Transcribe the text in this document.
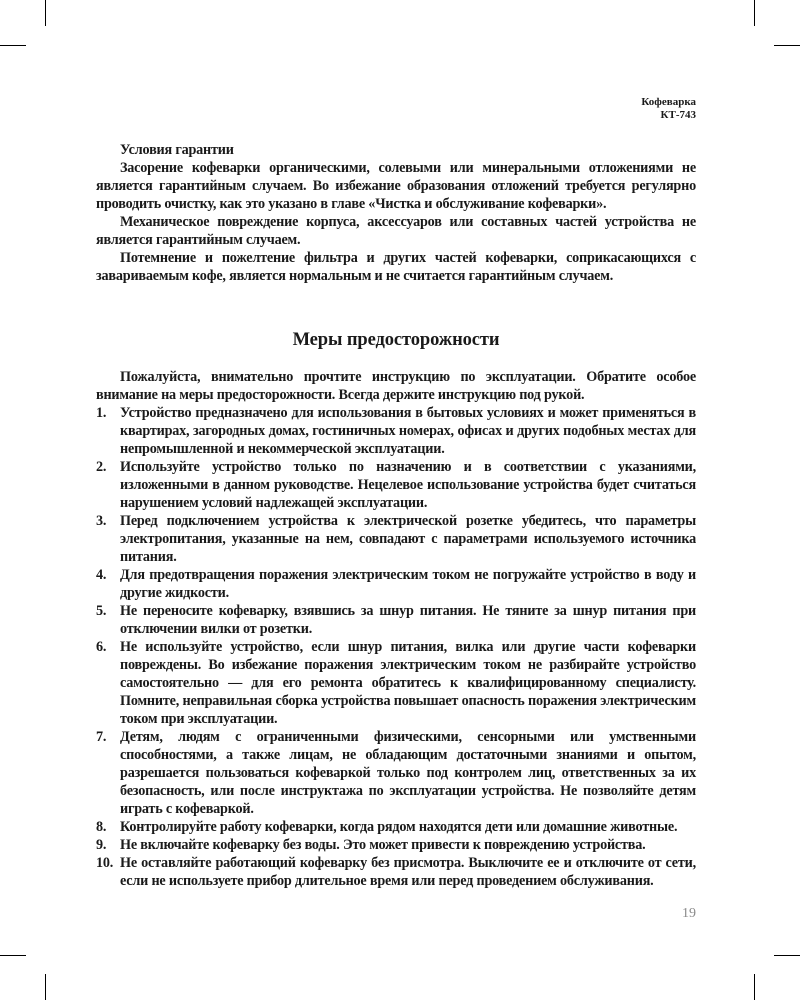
Кофеварка
КТ-743
Условия гарантии

Засорение кофеварки органическими, солевыми или минеральными отложениями не является гарантийным случаем. Во избежание образования отложений требуется регулярно проводить очистку, как это указано в главе «Чистка и обслуживание кофеварки».

Механическое повреждение корпуса, аксессуаров или составных частей устройства не является гарантийным случаем.

Потемнение и пожелтение фильтра и других частей кофеварки, соприкасающихся с завариваемым кофе, является нормальным и не считается гарантийным случаем.

Меры предосторожности

Пожалуйста, внимательно прочтите инструкцию по эксплуатации. Обратите особое внимание на меры предосторожности. Всегда держите инструкцию под рукой.

1. Устройство предназначено для использования в бытовых условиях и может применяться в квартирах, загородных домах, гостиничных номерах, офисах и других подобных местах для непромышленной и некоммерческой эксплуатации.
2. Используйте устройство только по назначению и в соответствии с указаниями, изложенными в данном руководстве. Нецелевое использование устройства будет считаться нарушением условий надлежащей эксплуатации.
3. Перед подключением устройства к электрической розетке убедитесь, что параметры электропитания, указанные на нем, совпадают с параметрами используемого источника питания.
4. Для предотвращения поражения электрическим током не погружайте устройство в воду и другие жидкости.
5. Не переносите кофеварку, взявшись за шнур питания. Не тяните за шнур питания при отключении вилки от розетки.
6. Не используйте устройство, если шнур питания, вилка или другие части кофеварки повреждены. Во избежание поражения электрическим током не разбирайте устройство самостоятельно — для его ремонта обратитесь к квалифицированному специалисту. Помните, неправильная сборка устройства повышает опасность поражения электрическим током при эксплуатации.
7. Детям, людям с ограниченными физическими, сенсорными или умственными способностями, а также лицам, не обладающим достаточными знаниями и опытом, разрешается пользоваться кофеваркой только под контролем лиц, ответственных за их безопасность, или после инструктажа по эксплуатации устройства. Не позволяйте детям играть с кофеваркой.
8. Контролируйте работу кофеварки, когда рядом находятся дети или домашние животные.
9. Не включайте кофеварку без воды. Это может привести к повреждению устройства.
10. Не оставляйте работающий кофеварку без присмотра. Выключите ее и отключите от сети, если не используете прибор длительное время или перед проведением обслуживания.
19
